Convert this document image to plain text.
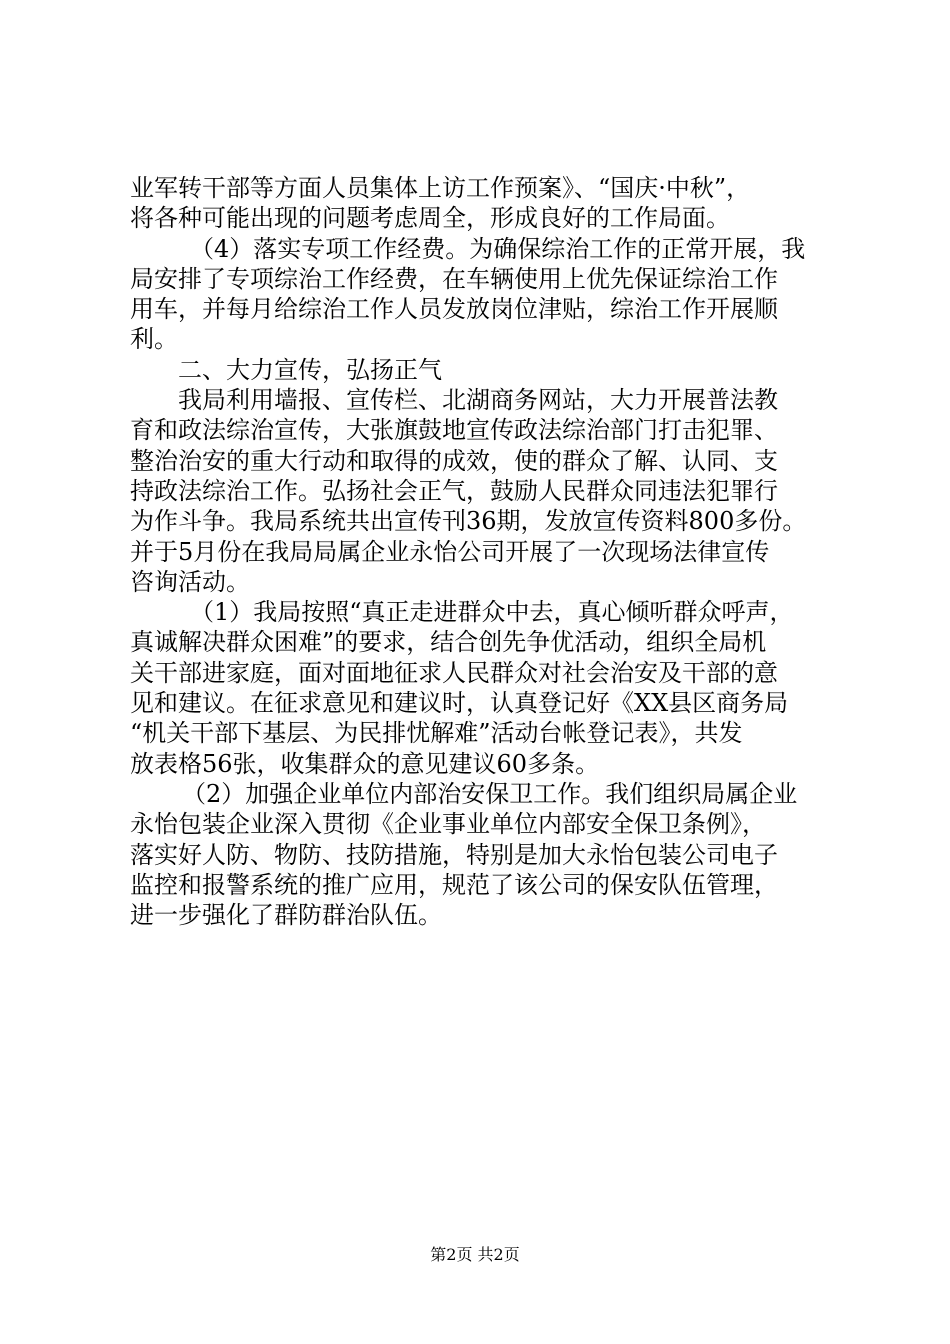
业军转干部等方面人员集体上访工作预案》、“国庆·中秋”，
将各种可能出现的问题考虑周全，形成良好的工作局面。
（4）落实专项工作经费。为确保综治工作的正常开展，我
局安排了专项综治工作经费，在车辆使用上优先保证综治工作
用车，并每月给综治工作人员发放岗位津贴，综治工作开展顺
利。
二、大力宣传，弘扬正气
我局利用墙报、宣传栏、北湖商务网站，大力开展普法教
育和政法综治宣传，大张旗鼓地宣传政法综治部门打击犯罪、
整治治安的重大行动和取得的成效，使的群众了解、认同、支
持政法综治工作。弘扬社会正气，鼓励人民群众同违法犯罪行
为作斗争。我局系统共出宣传刊36期，发放宣传资料800多份。
并于5月份在我局局属企业永怡公司开展了一次现场法律宣传
咨询活动。
（1）我局按照“真正走进群众中去，真心倾听群众呼声，
真诚解决群众困难”的要求，结合创先争优活动，组织全局机
关干部进家庭，面对面地征求人民群众对社会治安及干部的意
见和建议。在征求意见和建议时，认真登记好《XX县区商务局
“机关干部下基层、为民排忧解难”活动台帐登记表》，共发
放表格56张，收集群众的意见建议60多条。
（2）加强企业单位内部治安保卫工作。我们组织局属企业
永怡包装企业深入贯彻《企业事业单位内部安全保卫条例》，
落实好人防、物防、技防措施，特别是加大永怡包装公司电子
监控和报警系统的推广应用，规范了该公司的保安队伍管理，
进一步强化了群防群治队伍。
第2页 共2页
